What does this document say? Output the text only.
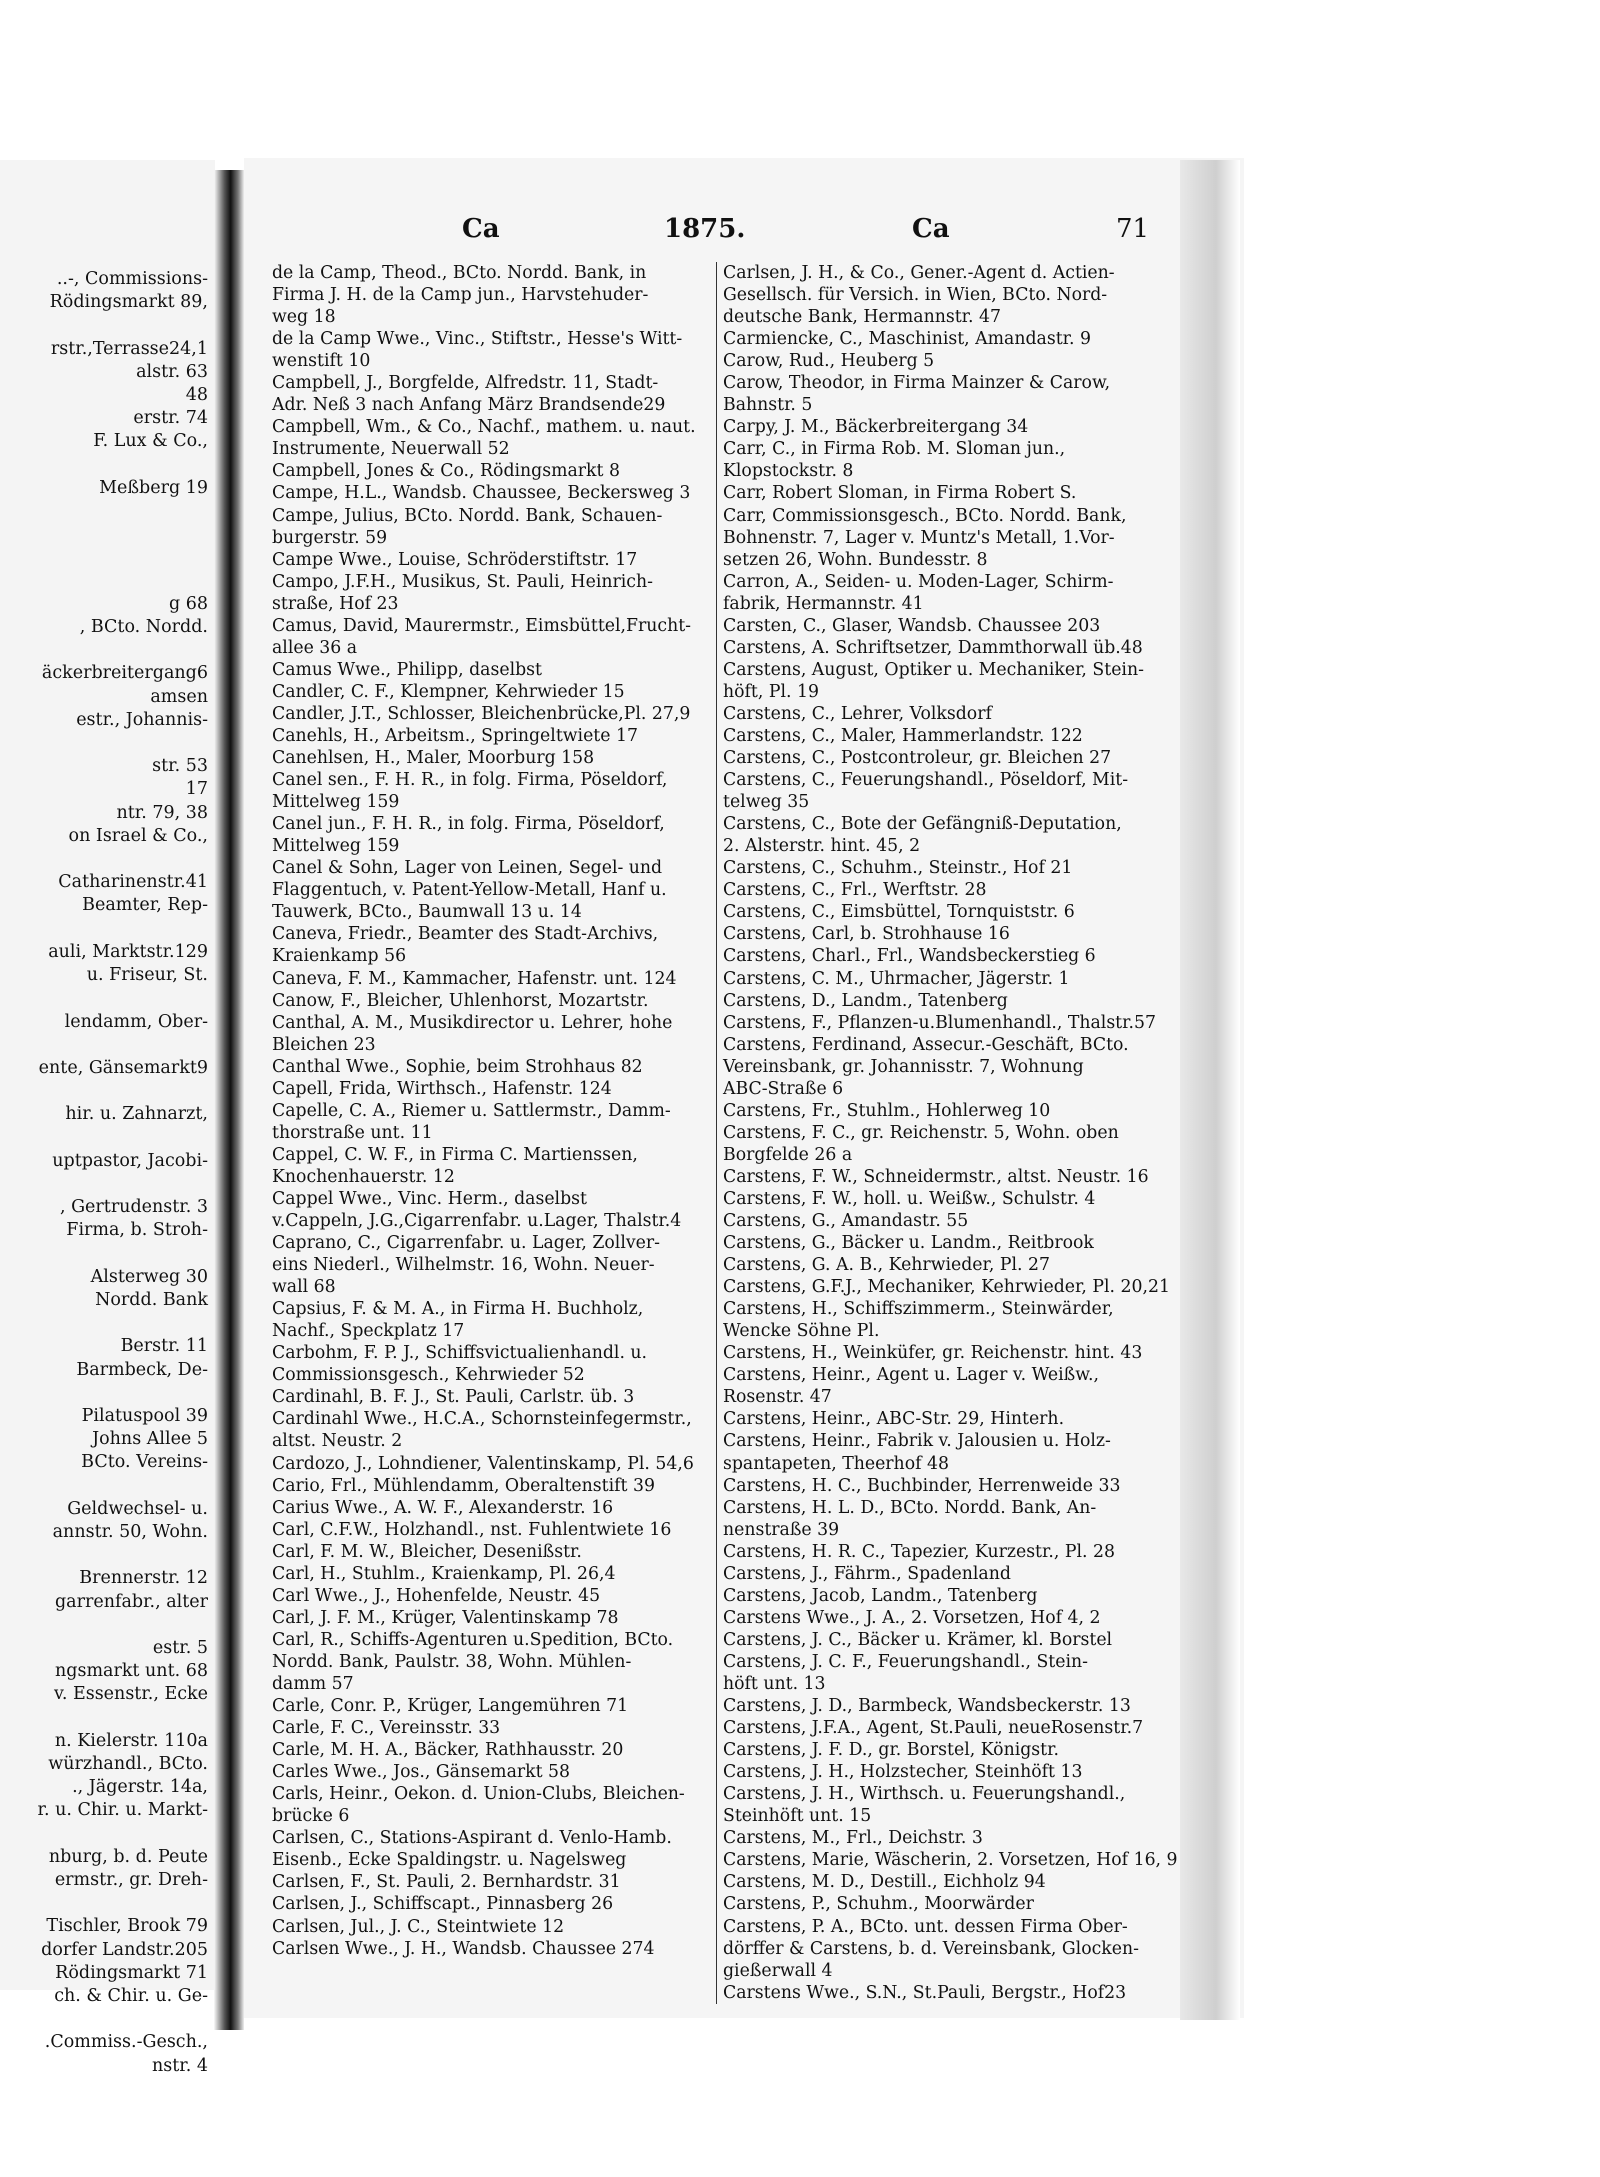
..-, Commissions-
Rödingsmarkt 89,

rstr.,Terrasse24,1
alstr. 63
48
erstr. 74
F. Lux & Co.,

Meßberg 19

g 68
, BCto. Nordd.

äckerbreitergang6
amsen
estr., Johannis-

str. 53
17
ntr. 79, 38
on Israel & Co.,

Catharinenstr.41
Beamter, Rep-

auli, Marktstr.129
u. Friseur, St.

lendamm, Ober-

ente, Gänsemarkt9

hir. u. Zahnarzt,

uptpastor, Jacobi-

, Gertrudenstr. 3
Firma, b. Stroh-

Alsterweg 30
Nordd. Bank

Berstr. 11
Barmbeck, De-

Pilatuspool 39
Johns Allee 5
BCto. Vereins-

Geldwechsel- u.
annstr. 50, Wohn.

Brennerstr. 12
garrenfabr., alter

estr. 5
ngsmarkt unt. 68
v. Essenstr., Ecke

n. Kielerstr. 110a
würzhandl., BCto.
., Jägerstr. 14a,
r. u. Chir. u. Markt-

nburg, b. d. Peute
ermstr., gr. Dreh-

Tischler, Brook 79
dorfer Landstr.205
Rödingsmarkt 71
ch. & Chir. u. Ge-

.Commiss.-Gesch.,
nstr. 4
Ca	1875.	Ca	71
de la Camp, Theod., BCto. Nordd. Bank, in
Firma J. H. de la Camp jun., Harvstehuder-
weg 18
de la Camp Wwe., Vinc., Stiftstr., Hesse's Witt-
wenstift 10
Campbell, J., Borgfelde, Alfredstr. 11, Stadt-
Adr. Neß 3 nach Anfang März Brandsende29
Campbell, Wm., & Co., Nachf., mathem. u. naut.
Instrumente, Neuerwall 52
Campbell, Jones & Co., Rödingsmarkt 8
Campe, H.L., Wandsb. Chaussee, Beckersweg 3
Campe, Julius, BCto. Nordd. Bank, Schauen-
burgerstr. 59
Campe Wwe., Louise, Schröderstiftstr. 17
Campo, J.F.H., Musikus, St. Pauli, Heinrich-
straße, Hof 23
Camus, David, Maurermstr., Eimsbüttel,Frucht-
allee 36 a
Camus Wwe., Philipp, daselbst
Candler, C. F., Klempner, Kehrwieder 15
Candler, J.T., Schlosser, Bleichenbrücke,Pl. 27,9
Canehls, H., Arbeitsm., Springeltwiete 17
Canehlsen, H., Maler, Moorburg 158
Canel sen., F. H. R., in folg. Firma, Pöseldorf,
Mittelweg 159
Canel jun., F. H. R., in folg. Firma, Pöseldorf,
Mittelweg 159
Canel & Sohn, Lager von Leinen, Segel- und
Flaggentuch, v. Patent-Yellow-Metall, Hanf u.
Tauwerk, BCto., Baumwall 13 u. 14
Caneva, Friedr., Beamter des Stadt-Archivs,
Kraienkamp 56
Caneva, F. M., Kammacher, Hafenstr. unt. 124
Canow, F., Bleicher, Uhlenhorst, Mozartstr.
Canthal, A. M., Musikdirector u. Lehrer, hohe
Bleichen 23
Canthal Wwe., Sophie, beim Strohhaus 82
Capell, Frida, Wirthsch., Hafenstr. 124
Capelle, C. A., Riemer u. Sattlermstr., Damm-
thorstraße unt. 11
Cappel, C. W. F., in Firma C. Martienssen,
Knochenhauerstr. 12
Cappel Wwe., Vinc. Herm., daselbst
v.Cappeln, J.G.,Cigarrenfabr. u.Lager, Thalstr.4
Caprano, C., Cigarrenfabr. u. Lager, Zollver-
eins Niederl., Wilhelmstr. 16, Wohn. Neuer-
wall 68
Capsius, F. & M. A., in Firma H. Buchholz,
Nachf., Speckplatz 17
Carbohm, F. P. J., Schiffsvictualienhandl. u.
Commissionsgesch., Kehrwieder 52
Cardinahl, B. F. J., St. Pauli, Carlstr. üb. 3
Cardinahl Wwe., H.C.A., Schornsteinfegermstr.,
altst. Neustr. 2
Cardozo, J., Lohndiener, Valentinskamp, Pl. 54,6
Cario, Frl., Mühlendamm, Oberaltenstift 39
Carius Wwe., A. W. F., Alexanderstr. 16
Carl, C.F.W., Holzhandl., nst. Fuhlentwiete 16
Carl, F. M. W., Bleicher, Desenißstr.
Carl, H., Stuhlm., Kraienkamp, Pl. 26,4
Carl Wwe., J., Hohenfelde, Neustr. 45
Carl, J. F. M., Krüger, Valentinskamp 78
Carl, R., Schiffs-Agenturen u.Spedition, BCto.
Nordd. Bank, Paulstr. 38, Wohn. Mühlen-
damm 57
Carle, Conr. P., Krüger, Langemühren 71
Carle, F. C., Vereinsstr. 33
Carle, M. H. A., Bäcker, Rathhausstr. 20
Carles Wwe., Jos., Gänsemarkt 58
Carls, Heinr., Oekon. d. Union-Clubs, Bleichen-
brücke 6
Carlsen, C., Stations-Aspirant d. Venlo-Hamb.
Eisenb., Ecke Spaldingstr. u. Nagelsweg
Carlsen, F., St. Pauli, 2. Bernhardstr. 31
Carlsen, J., Schiffscapt., Pinnasberg 26
Carlsen, Jul., J. C., Steintwiete 12
Carlsen Wwe., J. H., Wandsb. Chaussee 274
Carlsen, J. H., & Co., Gener.-Agent d. Actien-
Gesellsch. für Versich. in Wien, BCto. Nord-
deutsche Bank, Hermannstr. 47
Carmiencke, C., Maschinist, Amandastr. 9
Carow, Rud., Heuberg 5
Carow, Theodor, in Firma Mainzer & Carow,
Bahnstr. 5
Carpy, J. M., Bäckerbreitergang 34
Carr, C., in Firma Rob. M. Sloman jun.,
Klopstockstr. 8
Carr, Robert Sloman, in Firma Robert S.
Carr, Commissionsgesch., BCto. Nordd. Bank,
Bohnenstr. 7, Lager v. Muntz's Metall, 1.Vor-
setzen 26, Wohn. Bundesstr. 8
Carron, A., Seiden- u. Moden-Lager, Schirm-
fabrik, Hermannstr. 41
Carsten, C., Glaser, Wandsb. Chaussee 203
Carstens, A. Schriftsetzer, Dammthorwall üb.48
Carstens, August, Optiker u. Mechaniker, Stein-
höft, Pl. 19
Carstens, C., Lehrer, Volksdorf
Carstens, C., Maler, Hammerlandstr. 122
Carstens, C., Postcontroleur, gr. Bleichen 27
Carstens, C., Feuerungshandl., Pöseldorf, Mit-
telweg 35
Carstens, C., Bote der Gefängniß-Deputation,
2. Alsterstr. hint. 45, 2
Carstens, C., Schuhm., Steinstr., Hof 21
Carstens, C., Frl., Werftstr. 28
Carstens, C., Eimsbüttel, Tornquiststr. 6
Carstens, Carl, b. Strohhause 16
Carstens, Charl., Frl., Wandsbeckerstieg 6
Carstens, C. M., Uhrmacher, Jägerstr. 1
Carstens, D., Landm., Tatenberg
Carstens, F., Pflanzen-u.Blumenhandl., Thalstr.57
Carstens, Ferdinand, Assecur.-Geschäft, BCto.
Vereinsbank, gr. Johannisstr. 7, Wohnung
ABC-Straße 6
Carstens, Fr., Stuhlm., Hohlerweg 10
Carstens, F. C., gr. Reichenstr. 5, Wohn. oben
Borgfelde 26 a
Carstens, F. W., Schneidermstr., altst. Neustr. 16
Carstens, F. W., holl. u. Weißw., Schulstr. 4
Carstens, G., Amandastr. 55
Carstens, G., Bäcker u. Landm., Reitbrook
Carstens, G. A. B., Kehrwieder, Pl. 27
Carstens, G.F.J., Mechaniker, Kehrwieder, Pl. 20,21
Carstens, H., Schiffszimmerm., Steinwärder,
Wencke Söhne Pl.
Carstens, H., Weinküfer, gr. Reichenstr. hint. 43
Carstens, Heinr., Agent u. Lager v. Weißw.,
Rosenstr. 47
Carstens, Heinr., ABC-Str. 29, Hinterh.
Carstens, Heinr., Fabrik v. Jalousien u. Holz-
spantapeten, Theerhof 48
Carstens, H. C., Buchbinder, Herrenweide 33
Carstens, H. L. D., BCto. Nordd. Bank, An-
nenstraße 39
Carstens, H. R. C., Tapezier, Kurzestr., Pl. 28
Carstens, J., Fährm., Spadenland
Carstens, Jacob, Landm., Tatenberg
Carstens Wwe., J. A., 2. Vorsetzen, Hof 4, 2
Carstens, J. C., Bäcker u. Krämer, kl. Borstel
Carstens, J. C. F., Feuerungshandl., Stein-
höft unt. 13
Carstens, J. D., Barmbeck, Wandsbeckerstr. 13
Carstens, J.F.A., Agent, St.Pauli, neueRosenstr.7
Carstens, J. F. D., gr. Borstel, Königstr.
Carstens, J. H., Holzstecher, Steinhöft 13
Carstens, J. H., Wirthsch. u. Feuerungshandl.,
Steinhöft unt. 15
Carstens, M., Frl., Deichstr. 3
Carstens, Marie, Wäscherin, 2. Vorsetzen, Hof 16, 9
Carstens, M. D., Destill., Eichholz 94
Carstens, P., Schuhm., Moorwärder
Carstens, P. A., BCto. unt. dessen Firma Ober-
dörffer & Carstens, b. d. Vereinsbank, Glocken-
gießerwall 4
Carstens Wwe., S.N., St.Pauli, Bergstr., Hof23
